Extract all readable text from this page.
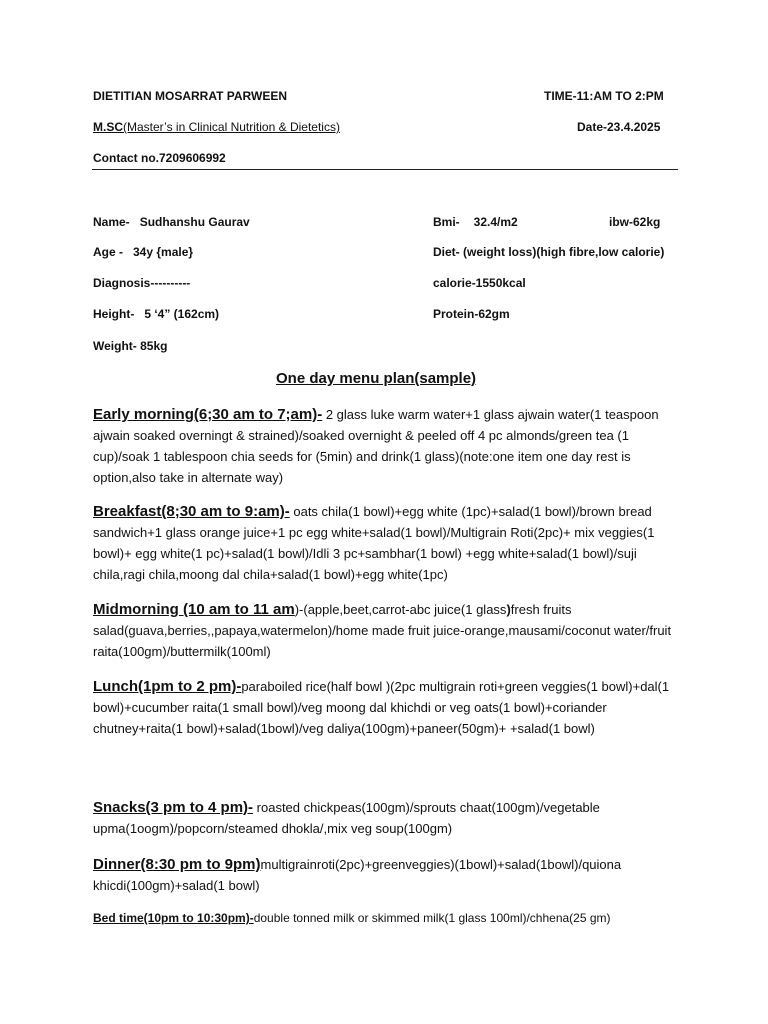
DIETITIAN MOSARRAT PARWEEN	TIME-11:AM TO 2:PM
M.SC(Master’s in Clinical Nutrition & Dietetics)	Date-23.4.2025
Contact no.7209606992
Name- Sudhanshu Gaurav
Age - 34y {male}
Diagnosis----------
Height- 5 ‘4” (162cm)
Weight- 85kg
Bmi- 32.4/m2	ibw-62kg
Diet- (weight loss)(high fibre,low calorie)
calorie-1550kcal
Protein-62gm
One day menu plan(sample)
Early morning(6;30 am to 7;am)- 2 glass luke warm water+1 glass ajwain water(1 teaspoon ajwain soaked overningt & strained)/soaked overnight & peeled off 4 pc almonds/green tea (1 cup)/soak 1 tablespoon chia seeds for (5min) and drink(1 glass)(note:one item one day rest is option,also take in alternate way)
Breakfast(8;30 am to 9:am)- oats chila(1 bowl)+egg white (1pc)+salad(1 bowl)/brown bread sandwich+1 glass orange juice+1 pc egg white+salad(1 bowl)/Multigrain Roti(2pc)+ mix veggies(1 bowl)+ egg white(1 pc)+salad(1 bowl)/Idli 3 pc+sambhar(1 bowl) +egg white+salad(1 bowl)/suji chila,ragi chila,moong dal chila+salad(1 bowl)+egg white(1pc)
Midmorning (10 am to 11 am)-(apple,beet,carrot-abc juice(1 glass)fresh fruits salad(guava,berries,,papaya,watermelon)/home made fruit juice-orange,mausami/coconut water/fruit raita(100gm)/buttermilk(100ml)
Lunch(1pm to 2 pm)-paraboiled rice(half bowl )(2pc multigrain roti+green veggies(1 bowl)+dal(1 bowl)+cucumber raita(1 small bowl)/veg moong dal khichdi or veg oats(1 bowl)+coriander chutney+raita(1 bowl)+salad(1bowl)/veg daliya(100gm)+paneer(50gm)+ +salad(1 bowl)
Snacks(3 pm to 4 pm)- roasted chickpeas(100gm)/sprouts chaat(100gm)/vegetable upma(1oogm)/popcorn/steamed dhokla/,mix veg soup(100gm)
Dinner(8:30 pm to 9pm)multigrainroti(2pc)+greenveggies)(1bowl)+salad(1bowl)/quiona khicdi(100gm)+salad(1 bowl)
Bed time(10pm to 10:30pm)-double tonned milk or skimmed milk(1 glass 100ml)/chhena(25 gm)
